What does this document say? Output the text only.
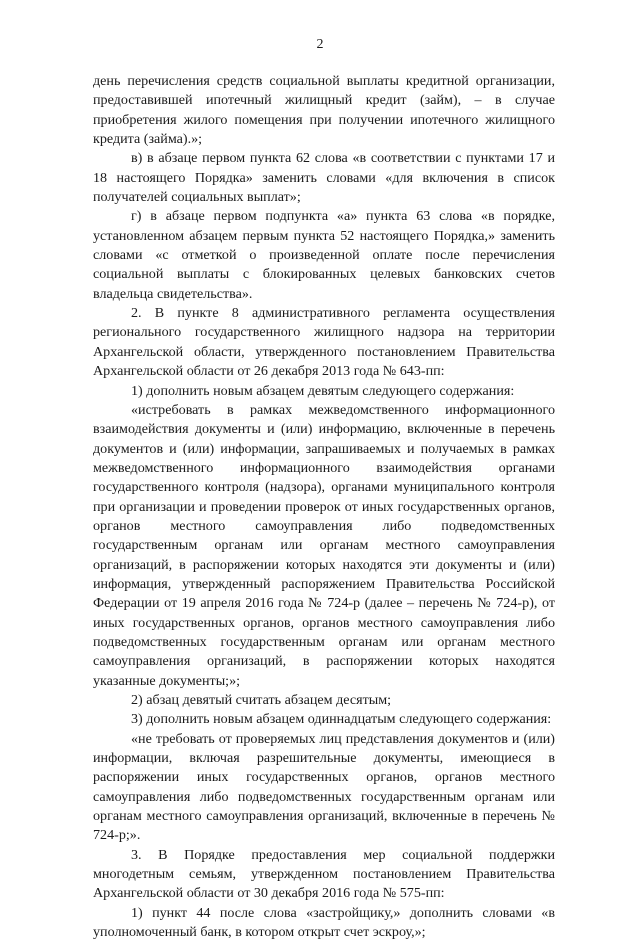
2

день перечисления средств социальной выплаты кредитной организации, предоставившей ипотечный жилищный кредит (займ), – в случае приобретения жилого помещения при получении ипотечного жилищного кредита (займа).»;

в) в абзаце первом пункта 62 слова «в соответствии с пунктами 17 и 18 настоящего Порядка» заменить словами «для включения в список получателей социальных выплат»;

г) в абзаце первом подпункта «а» пункта 63 слова «в порядке, установленном абзацем первым пункта 52 настоящего Порядка,» заменить словами «с отметкой о произведенной оплате после перечисления социальной выплаты с блокированных целевых банковских счетов владельца свидетельства».

2. В пункте 8 административного регламента осуществления регионального государственного жилищного надзора на территории Архангельской области, утвержденного постановлением Правительства Архангельской области от 26 декабря 2013 года № 643-пп:

1) дополнить новым абзацем девятым следующего содержания:

«истребовать в рамках межведомственного информационного взаимодействия документы и (или) информацию, включенные в перечень документов и (или) информации, запрашиваемых и получаемых в рамках межведомственного информационного взаимодействия органами государственного контроля (надзора), органами муниципального контроля при организации и проведении проверок от иных государственных органов, органов местного самоуправления либо подведомственных государственным органам или органам местного самоуправления организаций, в распоряжении которых находятся эти документы и (или) информация, утвержденный распоряжением Правительства Российской Федерации от 19 апреля 2016 года № 724-р (далее – перечень № 724-р), от иных государственных органов, органов местного самоуправления либо подведомственных государственным органам или органам местного самоуправления организаций, в распоряжении которых находятся указанные документы;»;

2) абзац девятый считать абзацем десятым;

3) дополнить новым абзацем одиннадцатым следующего содержания:

«не требовать от проверяемых лиц представления документов и (или) информации, включая разрешительные документы, имеющиеся в распоряжении иных государственных органов, органов местного самоуправления либо подведомственных государственным органам или органам местного самоуправления организаций, включенные в перечень № 724-р;».

3. В Порядке предоставления мер социальной поддержки многодетным семьям, утвержденном постановлением Правительства Архангельской области от 30 декабря 2016 года № 575-пп:

1) пункт 44 после слова «застройщику,» дополнить словами «в уполномоченный банк, в котором открыт счет эскроу,»;
